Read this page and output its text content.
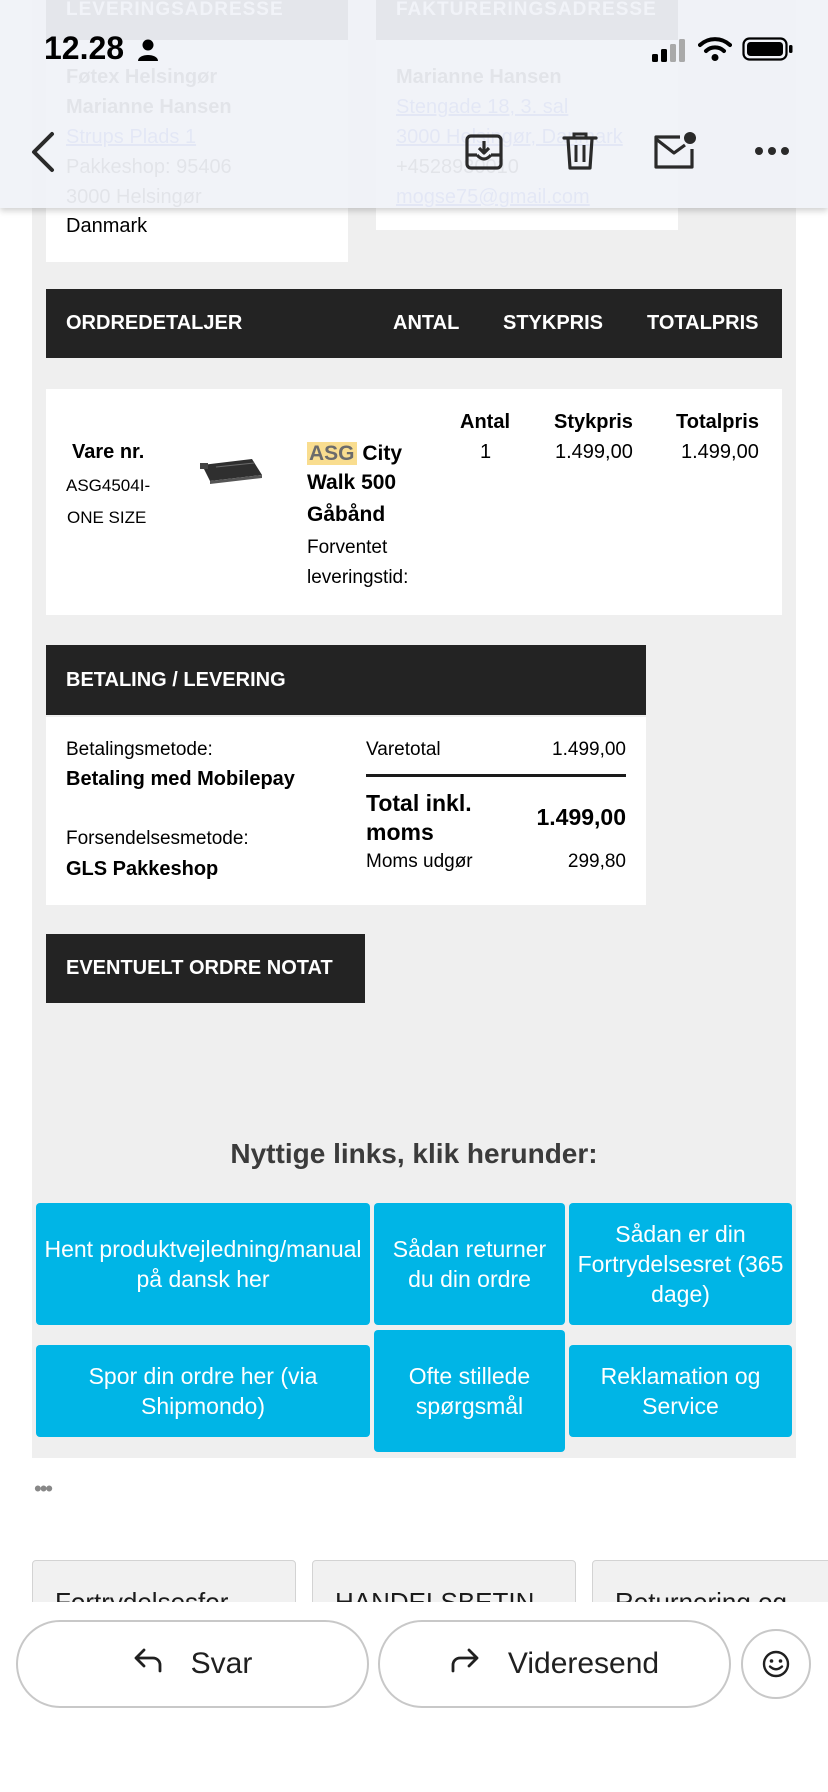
Danmark
ORDREDETALJER	ANTAL STYKPRIS TOTALPRIS
Vare nr.
ASG4504I-
ONE SIZE
ASG City
Walk 500
Gåbånd
Forventet
leveringstid:
Antal Stykpris Totalpris
1	1.499,00 1.499,00
BETALING / LEVERING
Betalingsmetode:
Betaling med Mobilepay
Forsendelsesmetode:
GLS Pakkeshop
Varetotal	1.499,00
Total inkl.
moms
1.499,00
Moms udgør	299,80
EVENTUELT ORDRE NOTAT
Nyttige links, klik herunder:
Hent produktvejledning/manual på dansk her
Sådan returner du din ordre
Sådan er din Fortrydelsesret (365 dage)
Spor din ordre her (via Shipmondo)
Ofte stillede spørgsmål
Reklamation og Service
•••
Svar	Videresend
12.28
